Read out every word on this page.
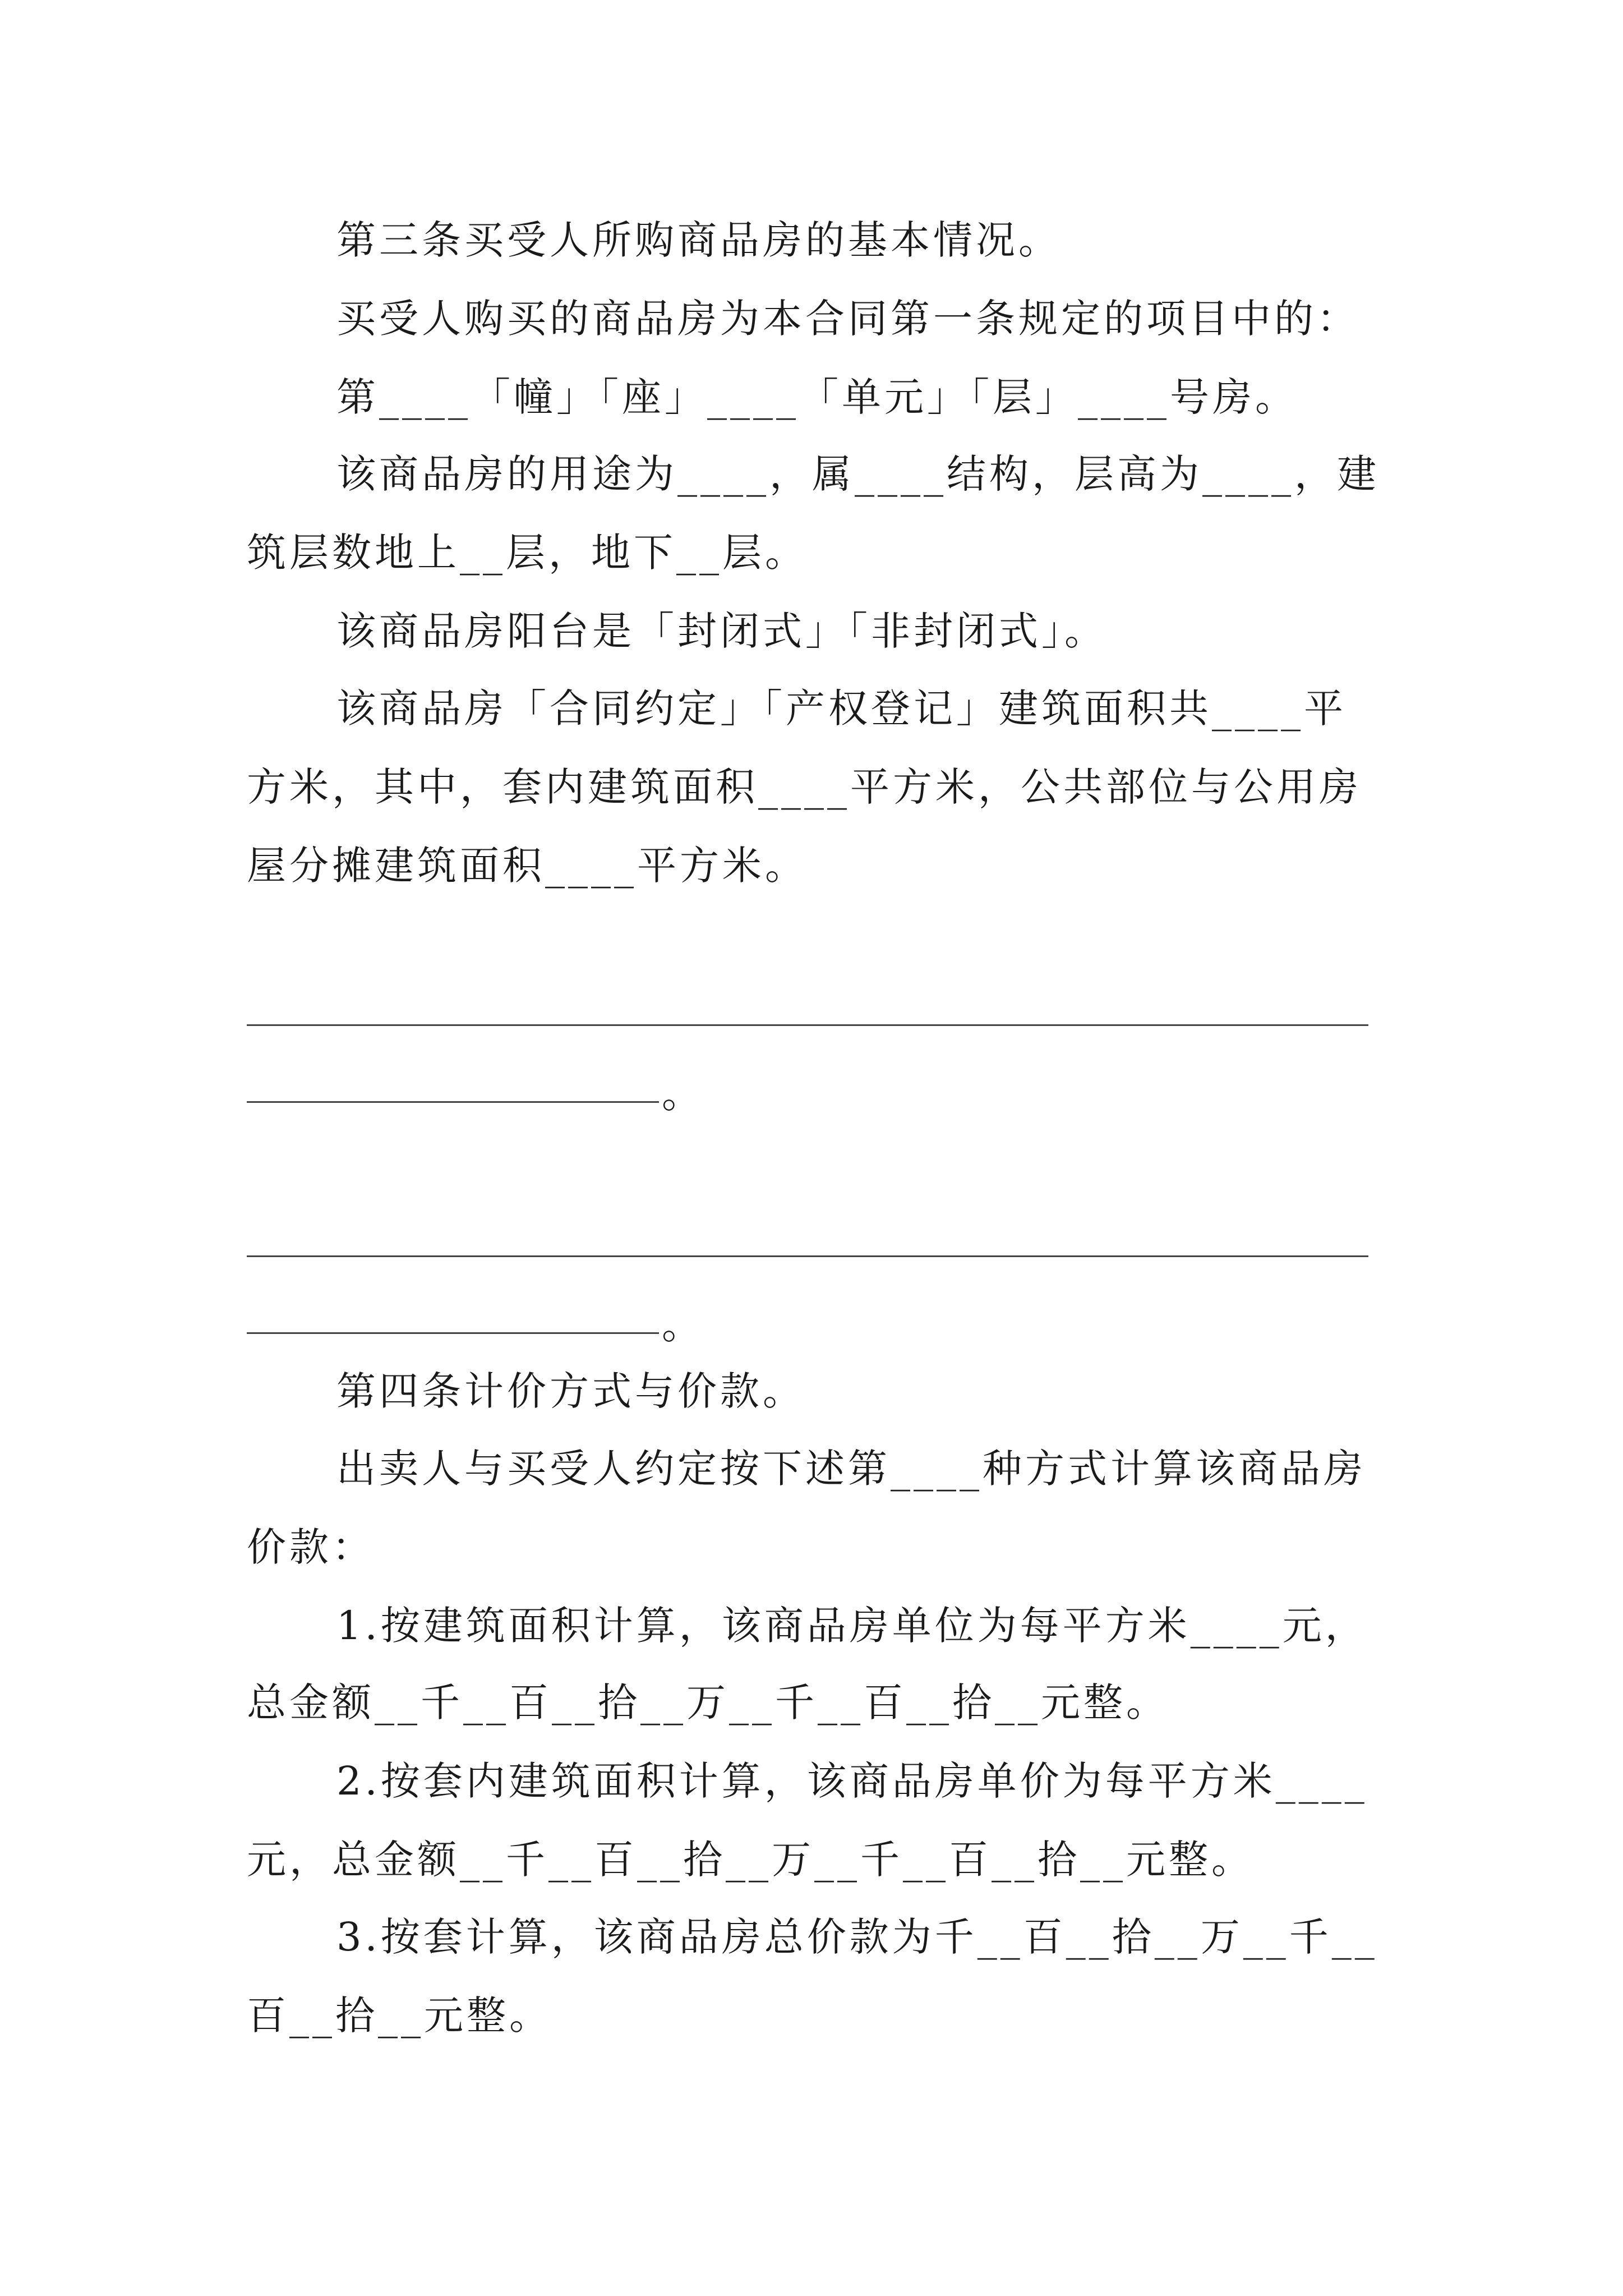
第三条买受人所购商品房的基本情况。
买受人购买的商品房为本合同第一条规定的项目中的：
第____「幢」「座」____「单元」「层」____号房。
该商品房的用途为____，属____结构，层高为____，建
筑层数地上__层，地下__层。
该商品房阳台是「封闭式」「非封闭式」。
该商品房「合同约定」「产权登记」建筑面积共____平
方米，其中，套内建筑面积____平方米，公共部位与公用房
屋分摊建筑面积____平方米。
。
。
第四条计价方式与价款。
出卖人与买受人约定按下述第____种方式计算该商品房
价款：
1.按建筑面积计算，该商品房单位为每平方米____元，
总金额__千__百__拾__万__千__百__拾__元整。
2.按套内建筑面积计算，该商品房单价为每平方米____
元，总金额__千__百__拾__万__千__百__拾__元整。
3.按套计算，该商品房总价款为千__百__拾__万__千__
百__拾__元整。
